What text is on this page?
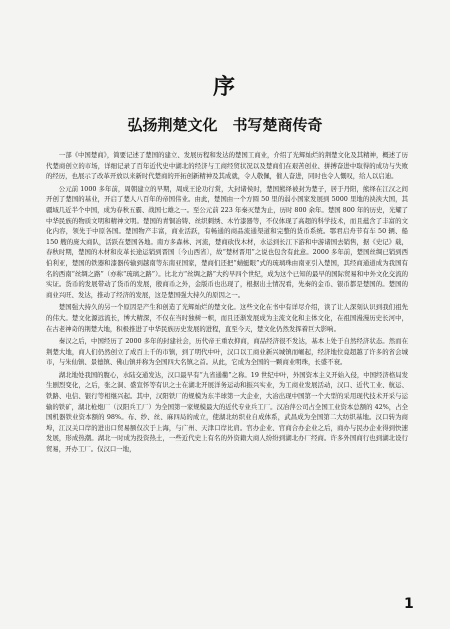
序
弘扬荆楚文化　书写楚商传奇

一部《中国楚商》，简要记述了楚国的建立、发展历程和发达的楚国工商业，介绍了光辉灿烂的荆楚文化及其精神，概述了历代楚商创立的市场，详细记录了百年近代史中湖北的经济与工商经贸状况以及楚商们在艰苦创业、拼搏奋进中取得的成功与失败的经历，也展示了改革开放以来新时代楚商的开拓创新精神及其成就，令人敬佩，催人奋进，同时也令人慨叹，给人以启迪。

公元前 1000 多年前，周朝建立的早期，周成王论功行赏，大封诸侯时，楚国熊绎被封为楚子，居于丹阳，熊绎在江汉之间开创了楚国的基业，开启了楚人八百年的帝国伟业。由此，楚国由一个方圆 50 里的弱小国家发展到 5000 里地的泱泱大国，其疆域几近半个中国，成为春秋五霸、战国七雄之一。至公元前 223 年秦灭楚为止，历时 800 余年。楚国 800 年的历史，光耀了中华民族的物质文明和精神文明。楚国的青铜冶铸、丝织刺绣、木竹漆器等，不仅体现了高超的科学技术，而且蕴含了丰富的文化内容，领先于中原各国。楚国物产丰富，商业活跃，有畅通的商品流通渠道和完整的货币系统。鄂君启舟节有车 50 辆、船 150 艘的庞大商队，活跃在楚国各地。南方多森林、河流，楚商砍伐木材，水运到长江下游和中游诸国去销售，据《史记》载，春秋时期，楚国的木材和皮革长途运销到晋国〔今山西省〕，故“楚材晋用”之说也包含有此意。2000 多年前，楚国丝绸已销到西伯利亚，楚国的铁器和漆器传输到越南等东南亚国家，楚商们还把“蜻蜓眼”式的琉璃珠由南亚引入楚国，其经商通道成为我国有名的西南“丝绸之路”（亦称“琉璃之路”）。比北方“丝绸之路”大约早四个世纪，成为这个已知的最早的国际贸易和中外文化交流的实证。货币的发展带动了货币的发展，殷商币之外，金版币也出现了，根据出土情况看，先秦的金币、银币都是楚国的。楚国的商业兴旺、发达，推动了经济的发展，这是楚国强大持久的原因之一。

楚国强大持久的另一个原因是产生和创造了光辉灿烂的楚文化。这些文化在书中有详尽介绍，读了让人深刻认识到我们祖先的伟大。楚文化源远流长，博大精深，不仅在当时独树一帜，而且还渐发展成为主流文化和主体文化，在祖国漫漫历史长河中，在古老神奇的荆楚大地，积极推进了中华民族历史发展的进程，直至今天，楚文化仍然发挥着巨大影响。

秦汉之后，中国经历了 2000 多年的封建社会，历代帝王重农抑商，商品经济很不发达，基本上处于自然经济状态。然而在荆楚大地，商人们仍然创立了成百上千的市镇，到了明代中叶，汉口以工商业新兴城镇而崛起，经济地位竟超越了许多的省会城市，与朱仙镇、景德镇、佛山镇并称为全国四大名镇之首。从此，它成为全国的一颗商业明珠，长盛不衰。

湖北地处我国的腹心，水陆交通发达，汉口最早有“九省通衢”之称。19 世纪中叶，外国资本主义开始入侵，中国经济格局发生剧烈变化，之后，张之洞、盛宣怀等有识之士在湖北开展洋务运动和振兴实业，为工商业发展活动，汉口、近代工业、航运、铁路、电信、银行等相继兴起。其中，汉阳铁厂的规模为东半球第一大企业，大冶出现中国第一个大型的采用现代技术开采与运输的铁矿，湖北枪炮厂（汉阳兵工厂）为全国第一家规模最大的近代专业兵工厂。汉冶萍公司占全国工业资本总额的 42%，占全国机器铁业资本额的 98%。布、纱、丝、麻四局的成立，使湖北纺织业自成体系，武昌成为全国第二大纺织基地。汉口转为商埠，江汉关口岸的进出口贸易额仅次于上海，与广州、天津口岸比肩。官办企业、官商合办企业之后，商办与民办企业得到快速发展，形成热潮。湖北一时成为投资热土，一些近代史上有名的外资籍大商人纷纷到湖北办厂经商。许多外国商行也到湖北设行贸易，开办工厂。仅汉口一地，

1
